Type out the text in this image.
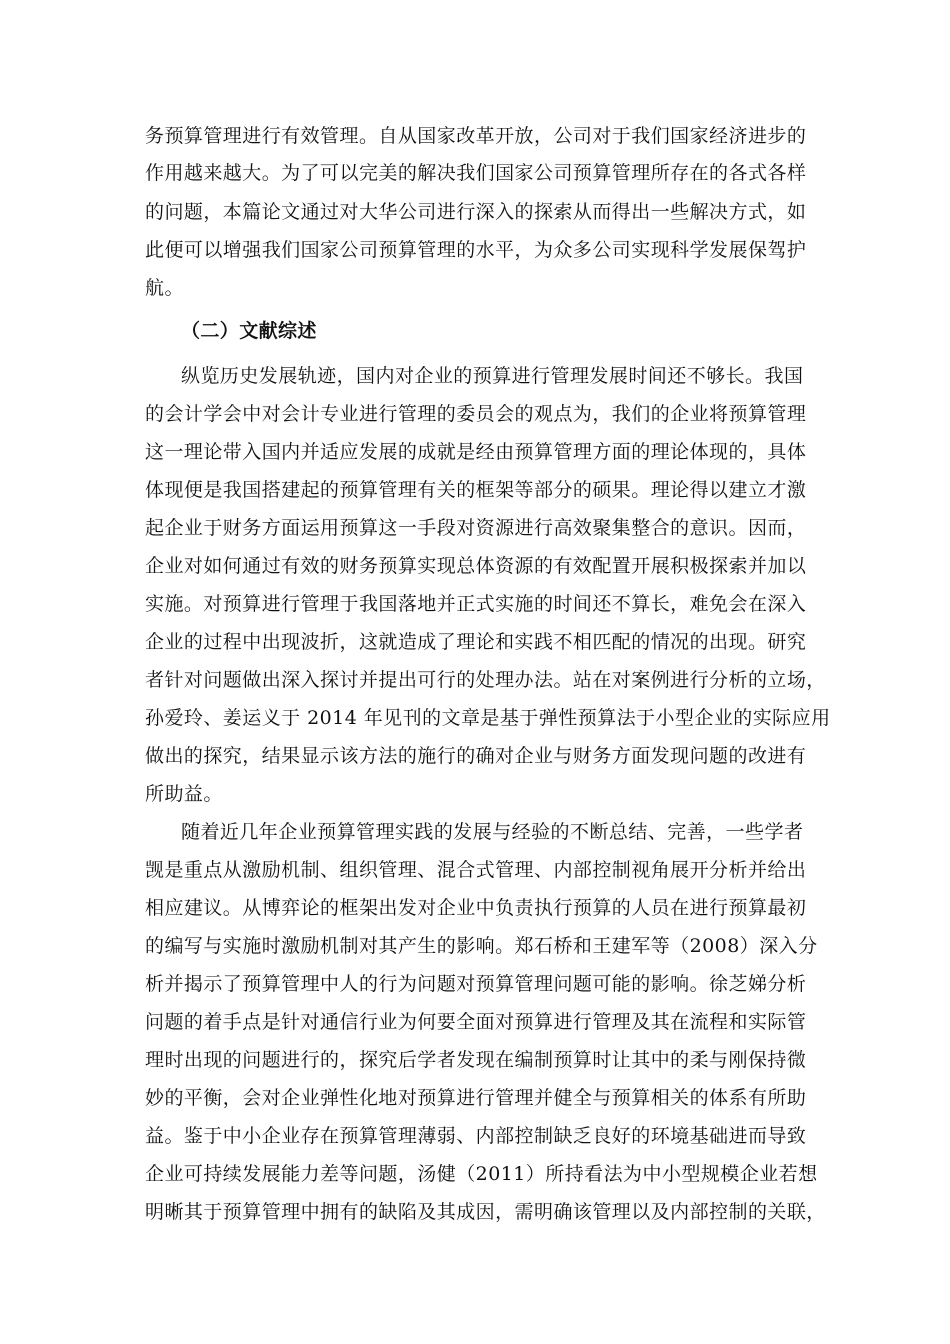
务预算管理进行有效管理。自从国家改革开放，公司对于我们国家经济进步的
作用越来越大。为了可以完美的解决我们国家公司预算管理所存在的各式各样
的问题，本篇论文通过对大华公司进行深入的探索从而得出一些解决方式，如
此便可以增强我们国家公司预算管理的水平，为众多公司实现科学发展保驾护
航。
（二）文献综述
纵览历史发展轨迹，国内对企业的预算进行管理发展时间还不够长。我国
的会计学会中对会计专业进行管理的委员会的观点为，我们的企业将预算管理
这一理论带入国内并适应发展的成就是经由预算管理方面的理论体现的，具体
体现便是我国搭建起的预算管理有关的框架等部分的硕果。理论得以建立才激
起企业于财务方面运用预算这一手段对资源进行高效聚集整合的意识。因而，
企业对如何通过有效的财务预算实现总体资源的有效配置开展积极探索并加以
实施。对预算进行管理于我国落地并正式实施的时间还不算长，难免会在深入
企业的过程中出现波折，这就造成了理论和实践不相匹配的情况的出现。研究
者针对问题做出深入探讨并提出可行的处理办法。站在对案例进行分析的立场，
孙爱玲、姜运义于 2014 年见刊的文章是基于弹性预算法于小型企业的实际应用
做出的探究，结果显示该方法的施行的确对企业与财务方面发现问题的改进有
所助益。
随着近几年企业预算管理实践的发展与经验的不断总结、完善，一些学者
觊是重点从激励机制、组织管理、混合式管理、内部控制视角展开分析并给出
相应建议。从博弈论的框架出发对企业中负责执行预算的人员在进行预算最初
的编写与实施时激励机制对其产生的影响。郑石桥和王建军等（2008）深入分
析并揭示了预算管理中人的行为问题对预算管理问题可能的影响。徐芝娣分析
问题的着手点是针对通信行业为何要全面对预算进行管理及其在流程和实际管
理时出现的问题进行的，探究后学者发现在编制预算时让其中的柔与刚保持微
妙的平衡，会对企业弹性化地对预算进行管理并健全与预算相关的体系有所助
益。鉴于中小企业存在预算管理薄弱、内部控制缺乏良好的环境基础进而导致
企业可持续发展能力差等问题，汤健（2011）所持看法为中小型规模企业若想
明晰其于预算管理中拥有的缺陷及其成因，需明确该管理以及内部控制的关联，
